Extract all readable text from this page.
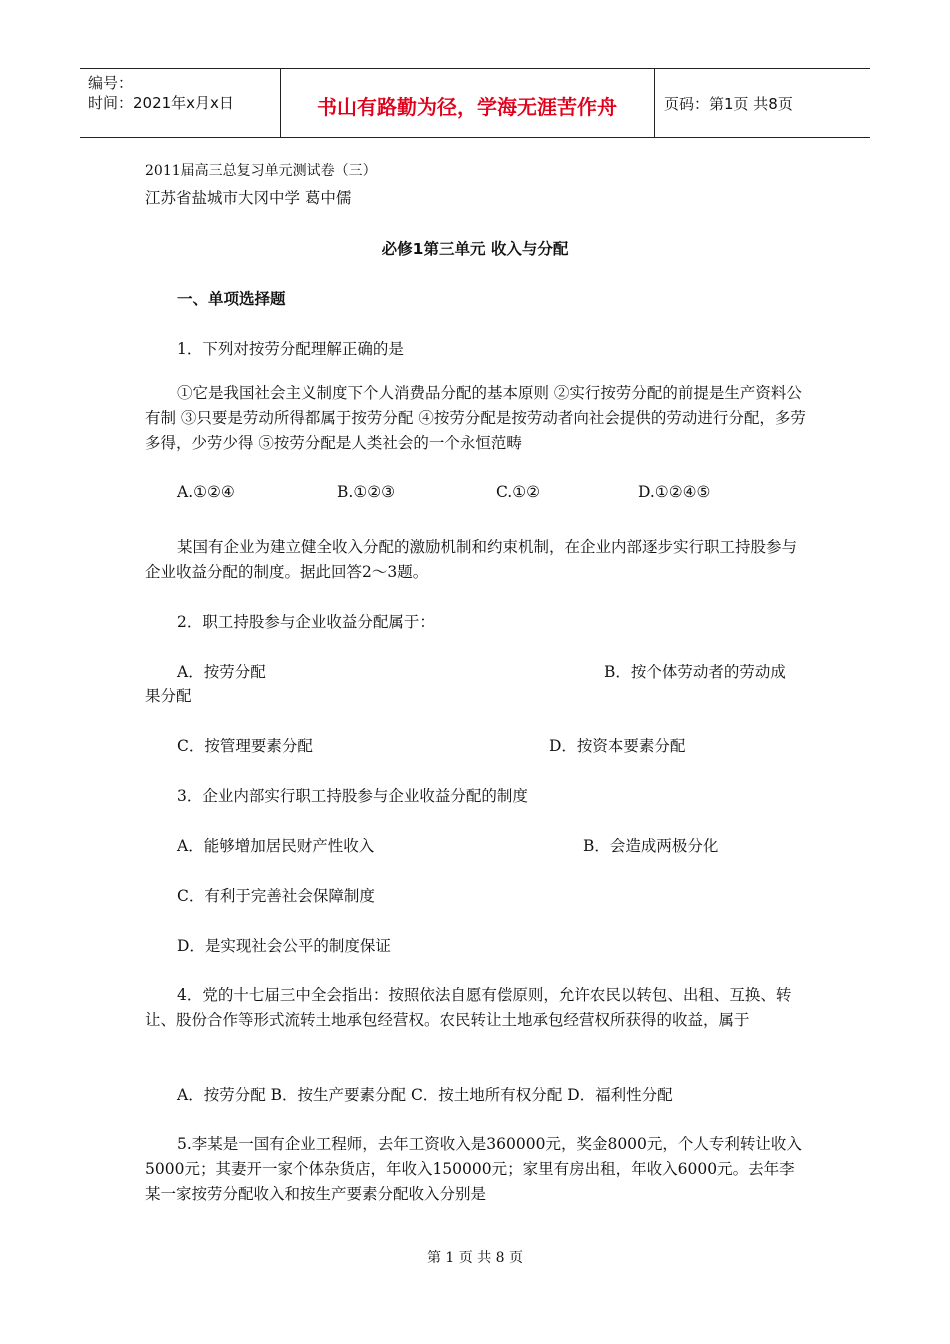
编号：
时间：2021年x月x日	书山有路勤为径，学海无涯苦作舟	页码：第1页 共8页
2011届高三总复习单元测试卷（三）
江苏省盐城市大冈中学 葛中儒
必修1第三单元 收入与分配
一、单项选择题
1．下列对按劳分配理解正确的是
①它是我国社会主义制度下个人消费品分配的基本原则 ②实行按劳分配的前提是生产资料公有制 ③只要是劳动所得都属于按劳分配 ④按劳分配是按劳动者向社会提供的劳动进行分配，多劳多得，少劳少得 ⑤按劳分配是人类社会的一个永恒范畴
A.①②④	B.①②③	C.①②	D.①②④⑤
某国有企业为建立健全收入分配的激励机制和约束机制，在企业内部逐步实行职工持股参与企业收益分配的制度。据此回答2～3题。
2．职工持股参与企业收益分配属于：
A．按劳分配	B．按个体劳动者的劳动成
果分配
C．按管理要素分配	D．按资本要素分配
3．企业内部实行职工持股参与企业收益分配的制度
A．能够增加居民财产性收入	B．会造成两极分化
C．有利于完善社会保障制度
D．是实现社会公平的制度保证
4．党的十七届三中全会指出：按照依法自愿有偿原则，允许农民以转包、出租、互换、转让、股份合作等形式流转土地承包经营权。农民转让土地承包经营权所获得的收益，属于
A．按劳分配 B．按生产要素分配 C．按土地所有权分配 D．福利性分配
5.李某是一国有企业工程师，去年工资收入是360000元，奖金8000元，个人专利转让收入5000元；其妻开一家个体杂货店，年收入150000元；家里有房出租，年收入6000元。去年李某一家按劳分配收入和按生产要素分配收入分别是
第 1 页 共 8 页
